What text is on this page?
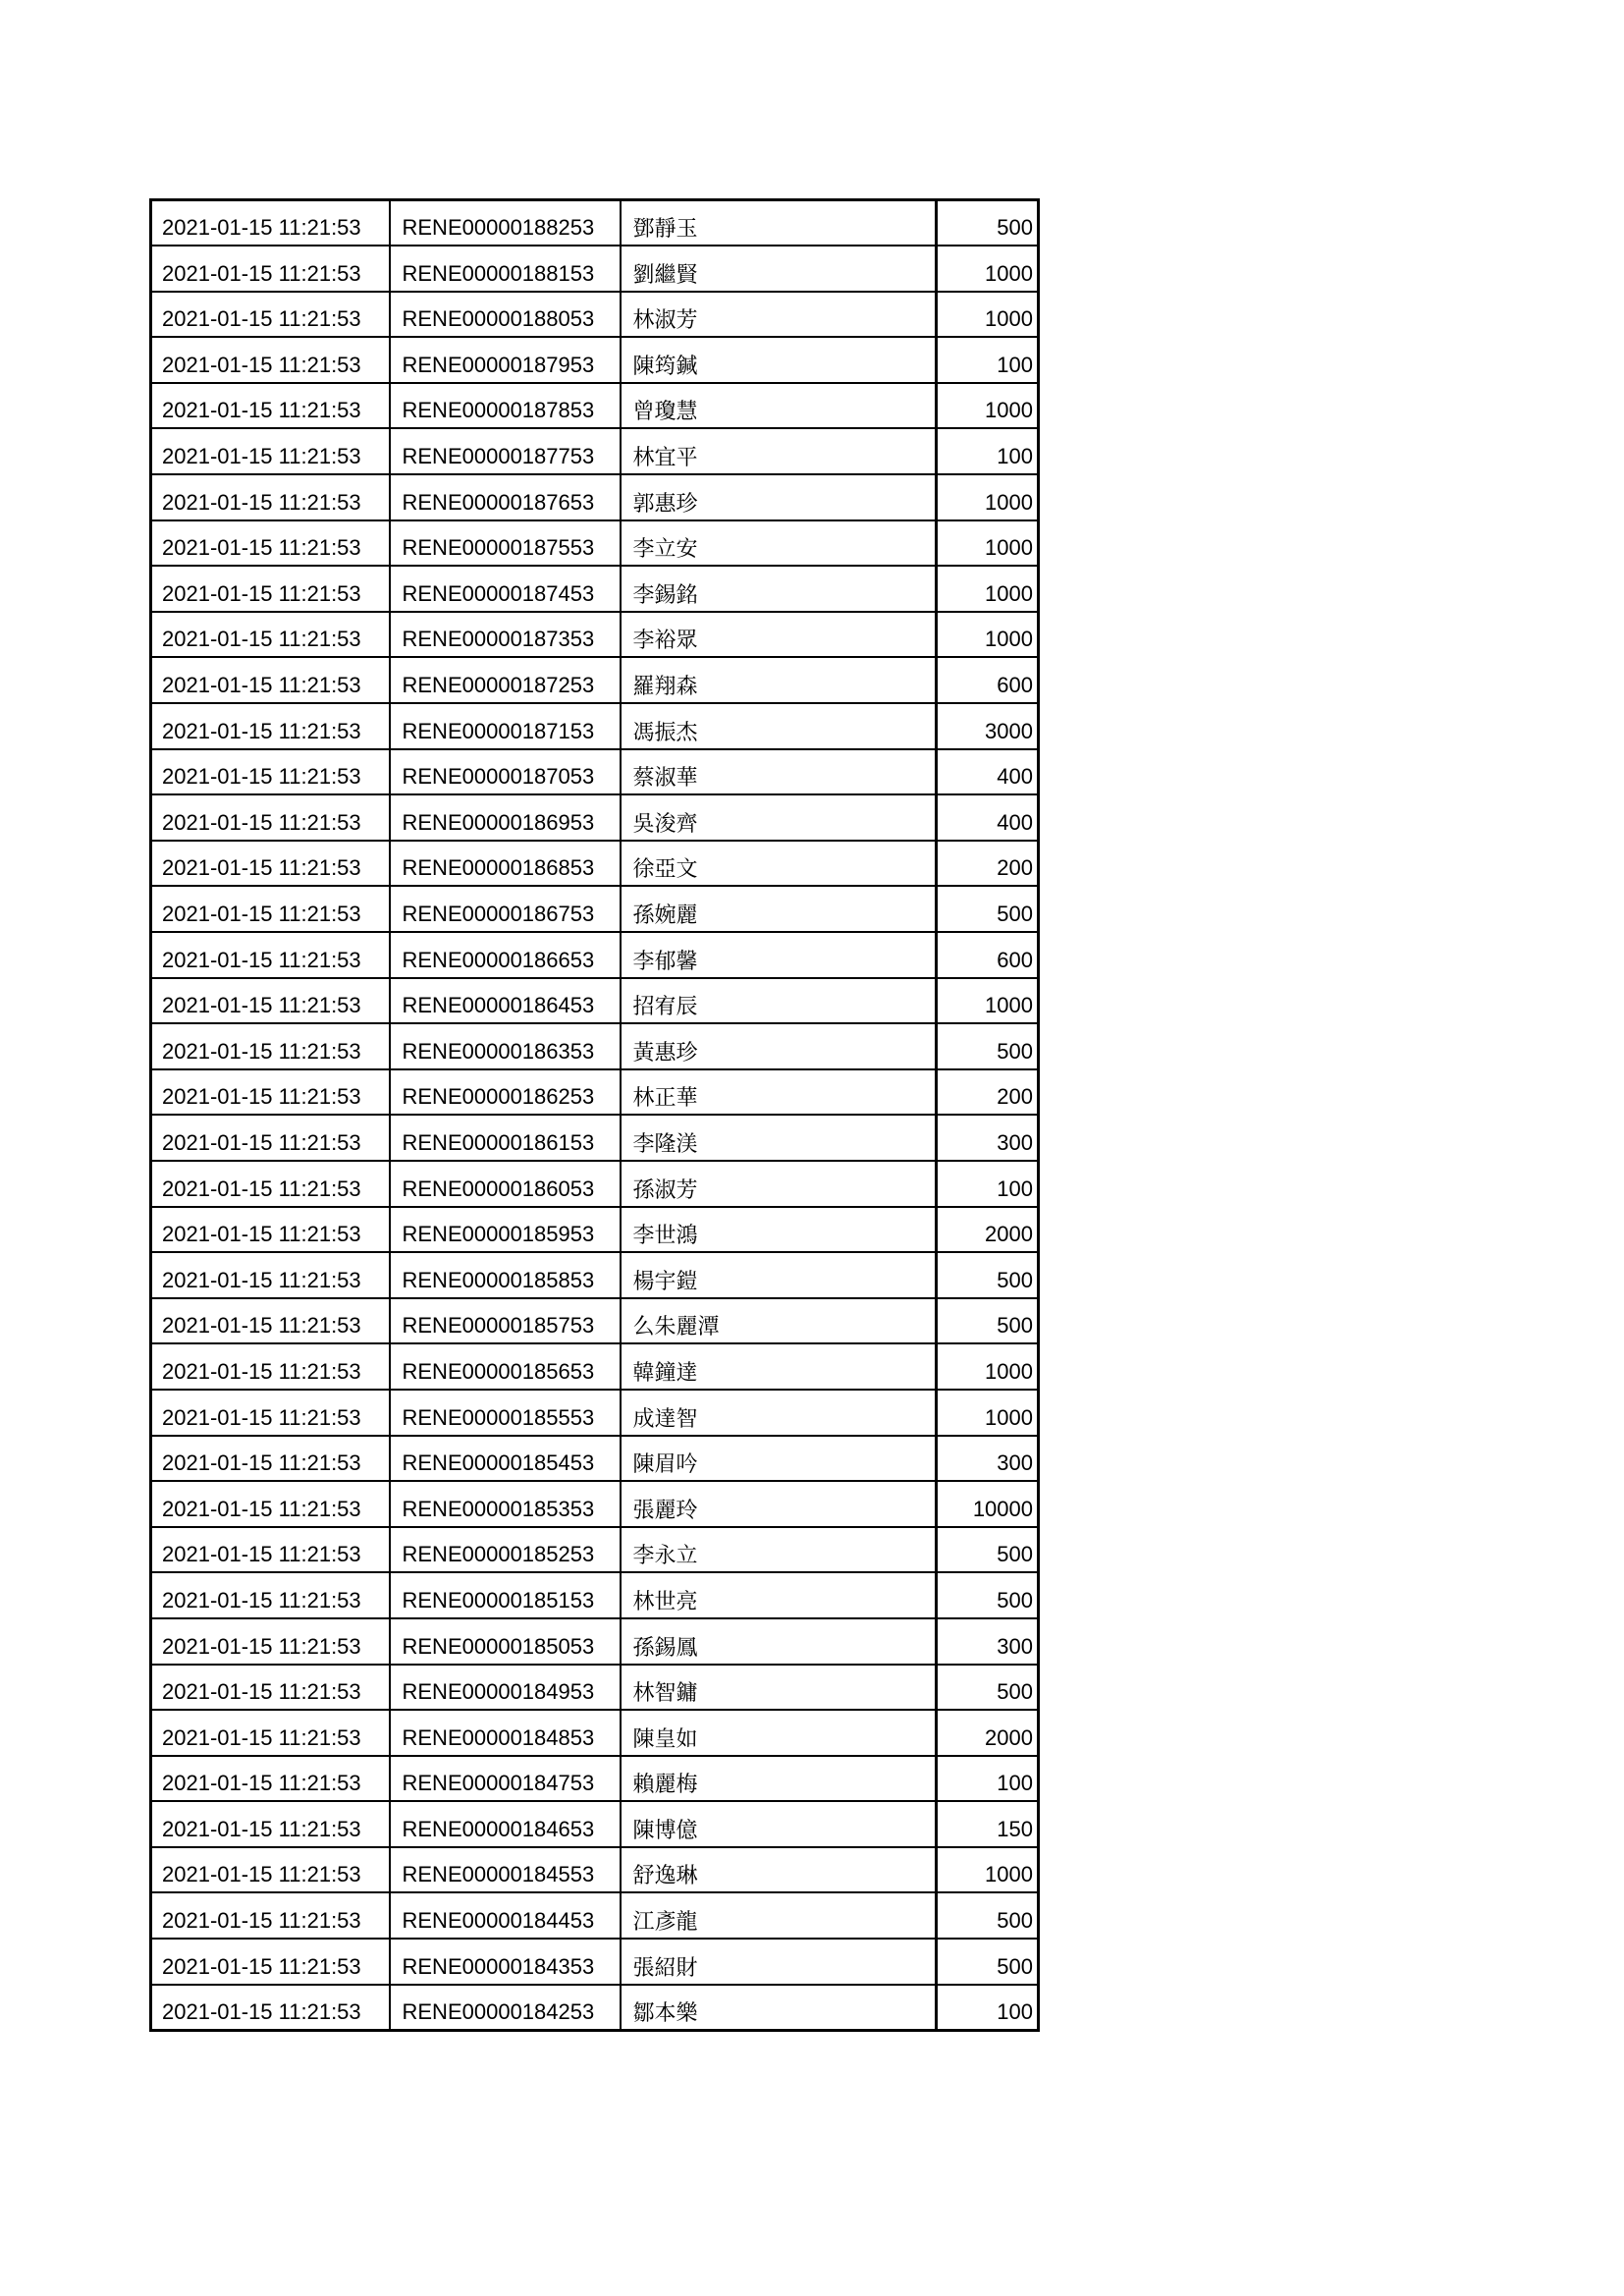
2021-01-15 11:21:53	RENE00000188253	鄧靜玉	500
2021-01-15 11:21:53	RENE00000188153	劉繼賢	1000
2021-01-15 11:21:53	RENE00000188053	林淑芳	1000
2021-01-15 11:21:53	RENE00000187953	陳筠鍼	100
2021-01-15 11:21:53	RENE00000187853	曾瓊慧	1000
2021-01-15 11:21:53	RENE00000187753	林宜平	100
2021-01-15 11:21:53	RENE00000187653	郭惠珍	1000
2021-01-15 11:21:53	RENE00000187553	李立安	1000
2021-01-15 11:21:53	RENE00000187453	李錫銘	1000
2021-01-15 11:21:53	RENE00000187353	李裕眾	1000
2021-01-15 11:21:53	RENE00000187253	羅翔森	600
2021-01-15 11:21:53	RENE00000187153	馮振杰	3000
2021-01-15 11:21:53	RENE00000187053	蔡淑華	400
2021-01-15 11:21:53	RENE00000186953	吳浚齊	400
2021-01-15 11:21:53	RENE00000186853	徐亞文	200
2021-01-15 11:21:53	RENE00000186753	孫婉麗	500
2021-01-15 11:21:53	RENE00000186653	李郁馨	600
2021-01-15 11:21:53	RENE00000186453	招宥辰	1000
2021-01-15 11:21:53	RENE00000186353	黃惠珍	500
2021-01-15 11:21:53	RENE00000186253	林正華	200
2021-01-15 11:21:53	RENE00000186153	李隆渼	300
2021-01-15 11:21:53	RENE00000186053	孫淑芳	100
2021-01-15 11:21:53	RENE00000185953	李世鴻	2000
2021-01-15 11:21:53	RENE00000185853	楊宇鎧	500
2021-01-15 11:21:53	RENE00000185753	么朱麗潭	500
2021-01-15 11:21:53	RENE00000185653	韓鐘達	1000
2021-01-15 11:21:53	RENE00000185553	成達智	1000
2021-01-15 11:21:53	RENE00000185453	陳眉吟	300
2021-01-15 11:21:53	RENE00000185353	張麗玲	10000
2021-01-15 11:21:53	RENE00000185253	李永立	500
2021-01-15 11:21:53	RENE00000185153	林世亮	500
2021-01-15 11:21:53	RENE00000185053	孫錫鳳	300
2021-01-15 11:21:53	RENE00000184953	林智鏞	500
2021-01-15 11:21:53	RENE00000184853	陳皇如	2000
2021-01-15 11:21:53	RENE00000184753	賴麗梅	100
2021-01-15 11:21:53	RENE00000184653	陳博億	150
2021-01-15 11:21:53	RENE00000184553	舒逸琳	1000
2021-01-15 11:21:53	RENE00000184453	江彥龍	500
2021-01-15 11:21:53	RENE00000184353	張紹財	500
2021-01-15 11:21:53	RENE00000184253	鄒本樂	100
